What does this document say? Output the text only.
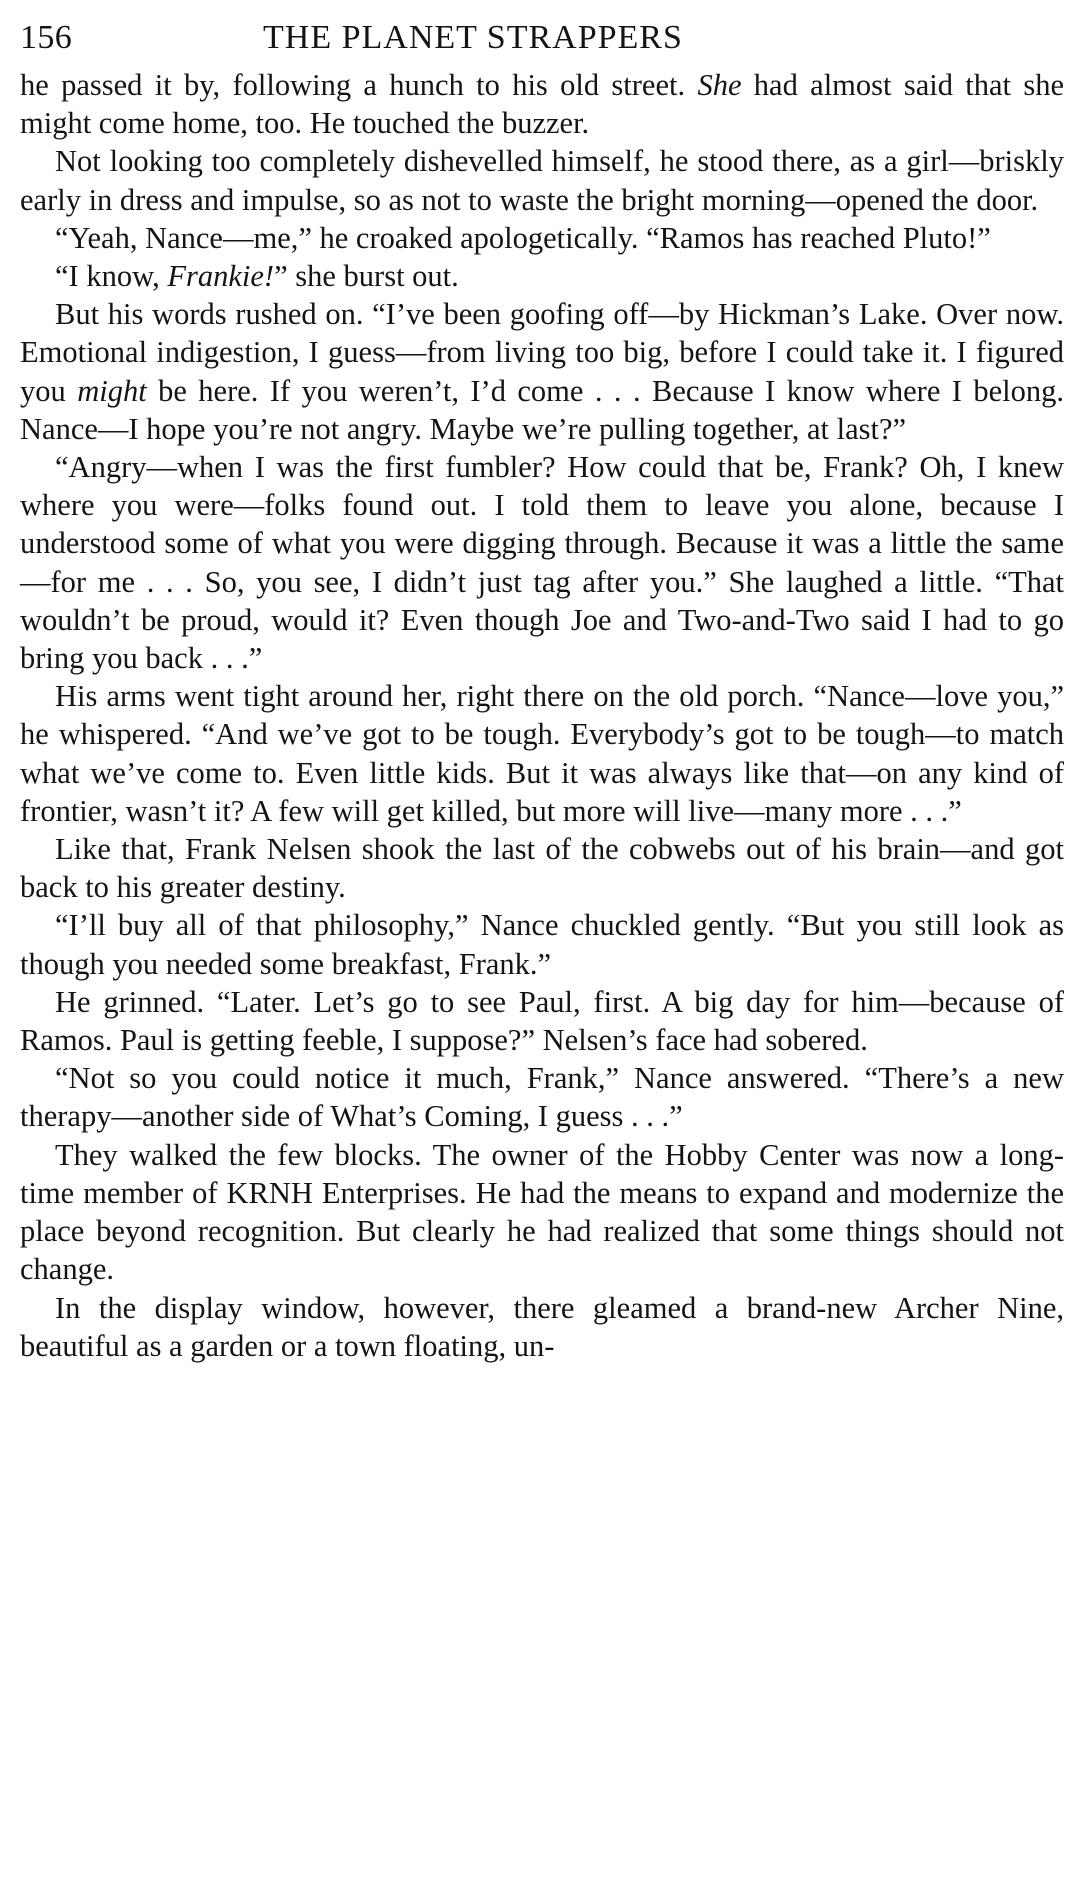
156	THE PLANET STRAPPERS

he passed it by, following a hunch to his old street. She had almost said that she might come home, too. He touched the buzzer.

Not looking too completely dishevelled himself, he stood there, as a girl—briskly early in dress and impulse, so as not to waste the bright morning—opened the door.

“Yeah, Nance—me,” he croaked apologetically. “Ramos has reached Pluto!”

“I know, Frankie!” she burst out.

But his words rushed on. “I’ve been goofing off—by Hickman’s Lake. Over now. Emotional indigestion, I guess—from living too big, before I could take it. I figured you might be here. If you weren’t, I’d come . . . Because I know where I belong. Nance—I hope you’re not angry. Maybe we’re pulling together, at last?”

“Angry—when I was the first fumbler? How could that be, Frank? Oh, I knew where you were—folks found out. I told them to leave you alone, because I understood some of what you were digging through. Because it was a little the same—for me . . . So, you see, I didn’t just tag after you.” She laughed a little. “That wouldn’t be proud, would it? Even though Joe and Two-and-Two said I had to go bring you back . . .”

His arms went tight around her, right there on the old porch. “Nance—love you,” he whispered. “And we’ve got to be tough. Everybody’s got to be tough—to match what we’ve come to. Even little kids. But it was always like that—on any kind of frontier, wasn’t it? A few will get killed, but more will live—many more . . .”

Like that, Frank Nelsen shook the last of the cobwebs out of his brain—and got back to his greater destiny.

“I’ll buy all of that philosophy,” Nance chuckled gently. “But you still look as though you needed some breakfast, Frank.”

He grinned. “Later. Let’s go to see Paul, first. A big day for him—because of Ramos. Paul is getting feeble, I suppose?” Nelsen’s face had sobered.

“Not so you could notice it much, Frank,” Nance answered. “There’s a new therapy—another side of What’s Coming, I guess . . .”

They walked the few blocks. The owner of the Hobby Center was now a long-time member of KRNH Enterprises. He had the means to expand and modernize the place beyond recognition. But clearly he had realized that some things should not change.

In the display window, however, there gleamed a brand-new Archer Nine, beautiful as a garden or a town floating, un-
